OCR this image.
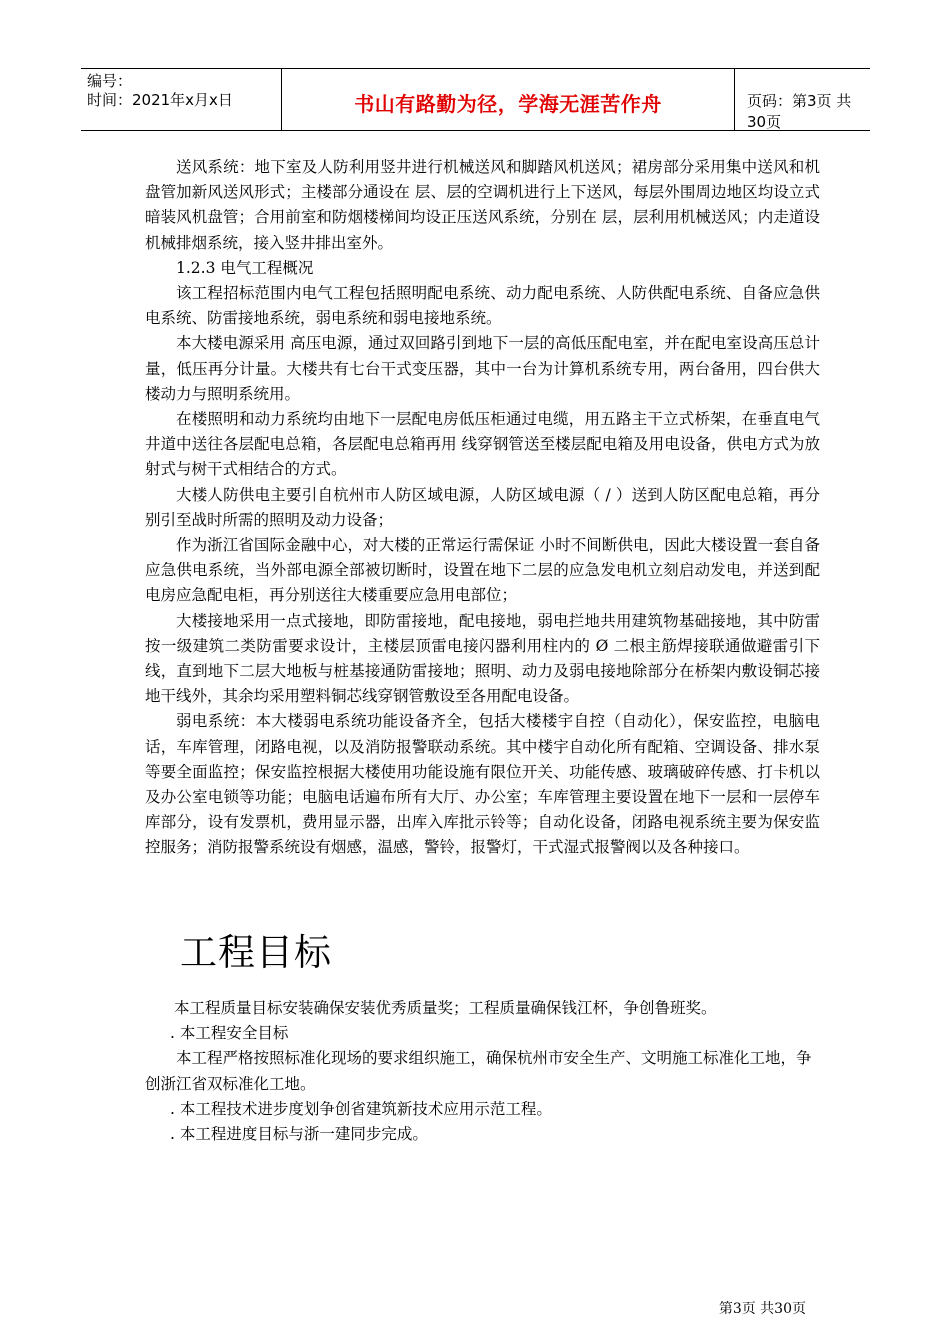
编号：
时间：2021年x月x日	书山有路勤为径，学海无涯苦作舟	页码：第3页 共30页

送风系统：地下室及人防利用竖井进行机械送风和脚踏风机送风；裙房部分采用集中送风和机盘管加新风送风形式；主楼部分通设在 层、层的空调机进行上下送风，每层外围周边地区均设立式暗装风机盘管；合用前室和防烟楼梯间均设正压送风系统，分别在 层，层利用机械送风；内走道设机械排烟系统，接入竖井排出室外。

1.2.3 电气工程概况

该工程招标范围内电气工程包括照明配电系统、动力配电系统、人防供配电系统、自备应急供电系统、防雷接地系统，弱电系统和弱电接地系统。

本大楼电源采用 高压电源，通过双回路引到地下一层的高低压配电室，并在配电室设高压总计量，低压再分计量。大楼共有七台干式变压器，其中一台为计算机系统专用，两台备用，四台供大楼动力与照明系统用。

在楼照明和动力系统均由地下一层配电房低压柜通过电缆，用五路主干立式桥架，在垂直电气井道中送往各层配电总箱，各层配电总箱再用 线穿钢管送至楼层配电箱及用电设备，供电方式为放射式与树干式相结合的方式。

大楼人防供电主要引自杭州市人防区域电源，人防区域电源（ / ）送到人防区配电总箱，再分别引至战时所需的照明及动力设备；

作为浙江省国际金融中心，对大楼的正常运行需保证 小时不间断供电，因此大楼设置一套自备应急供电系统，当外部电源全部被切断时，设置在地下二层的应急发电机立刻启动发电，并送到配电房应急配电柜，再分别送往大楼重要应急用电部位；

大楼接地采用一点式接地，即防雷接地，配电接地，弱电拦地共用建筑物基础接地，其中防雷按一级建筑二类防雷要求设计，主楼层顶雷电接闪器利用柱内的 Ø 二根主筋焊接联通做避雷引下线，直到地下二层大地板与桩基接通防雷接地；照明、动力及弱电接地除部分在桥架内敷设铜芯接地干线外，其余均采用塑料铜芯线穿钢管敷设至各用配电设备。

弱电系统：本大楼弱电系统功能设备齐全，包括大楼楼宇自控（自动化），保安监控，电脑电话，车库管理，闭路电视，以及消防报警联动系统。其中楼宇自动化所有配箱、空调设备、排水泵等要全面监控；保安监控根据大楼使用功能设施有限位开关、功能传感、玻璃破碎传感、打卡机以及办公室电锁等功能；电脑电话遍布所有大厅、办公室；车库管理主要设置在地下一层和一层停车库部分，设有发票机，费用显示器，出库入库批示铃等；自动化设备，闭路电视系统主要为保安监控服务；消防报警系统设有烟感，温感，警铃，报警灯，干式湿式报警阀以及各种接口。

工程目标

本工程质量目标安装确保安装优秀质量奖；工程质量确保钱江杯，争创鲁班奖。

. 本工程安全目标

本工程严格按照标准化现场的要求组织施工，确保杭州市安全生产、文明施工标准化工地，争创浙江省双标准化工地。

. 本工程技术进步度划争创省建筑新技术应用示范工程。

. 本工程进度目标与浙一建同步完成。

第3页 共30页
